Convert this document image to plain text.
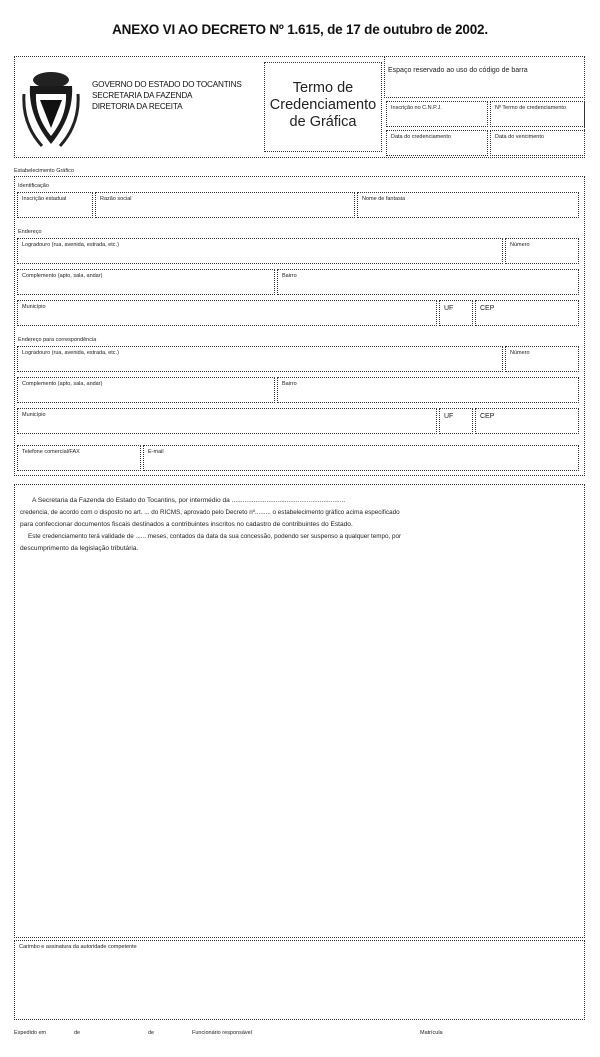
ANEXO VI AO DECRETO Nº 1.615, de 17 de outubro de 2002.
GOVERNO DO ESTADO DO TOCANTINS
SECRETARIA DA FAZENDA
DIRETORIA DA RECEITA
Termo de
Credenciamento
de Gráfica
Espaço reservado ao uso do código de barra
Inscrição no C.N.P.J.	Nº Termo de credenciamento
Data do credenciamento	Data do vencimento
Estabelecimento Gráfico
Identificação
Inscrição estadual	Razão social	Nome de fantasia
Endereço
Logradouro (rua, avenida, estrada, etc.)	Número
Complemento (apto, sala, andar)	Bairro
Município	UF	CEP
Endereço para correspondência
Logradouro (rua, avenida, estrada, etc.)	Número
Complemento (apto, sala, andar)	Bairro
Município	UF	CEP
Telefone comercial/FAX	E-mail
A Secretaria da Fazenda do Estado do Tocantins, por intermédio da ..............................................................
credencia, de acordo com o disposto no art. ... do RICMS, aprovado pelo Decreto nº......... o estabelecimento gráfico acima especificado
para confeccionar documentos fiscais destinados a contribuintes inscritos no cadastro de contribuintes do Estado.
Este credenciamento terá validade de ...... meses, contados da data da sua concessão, podendo ser suspenso a qualquer tempo, por
descumprimento da legislação tributária.
Carimbo e assinatura da autoridade competente
Expedido em	de	de	Funcionário responsável	Matrícula
